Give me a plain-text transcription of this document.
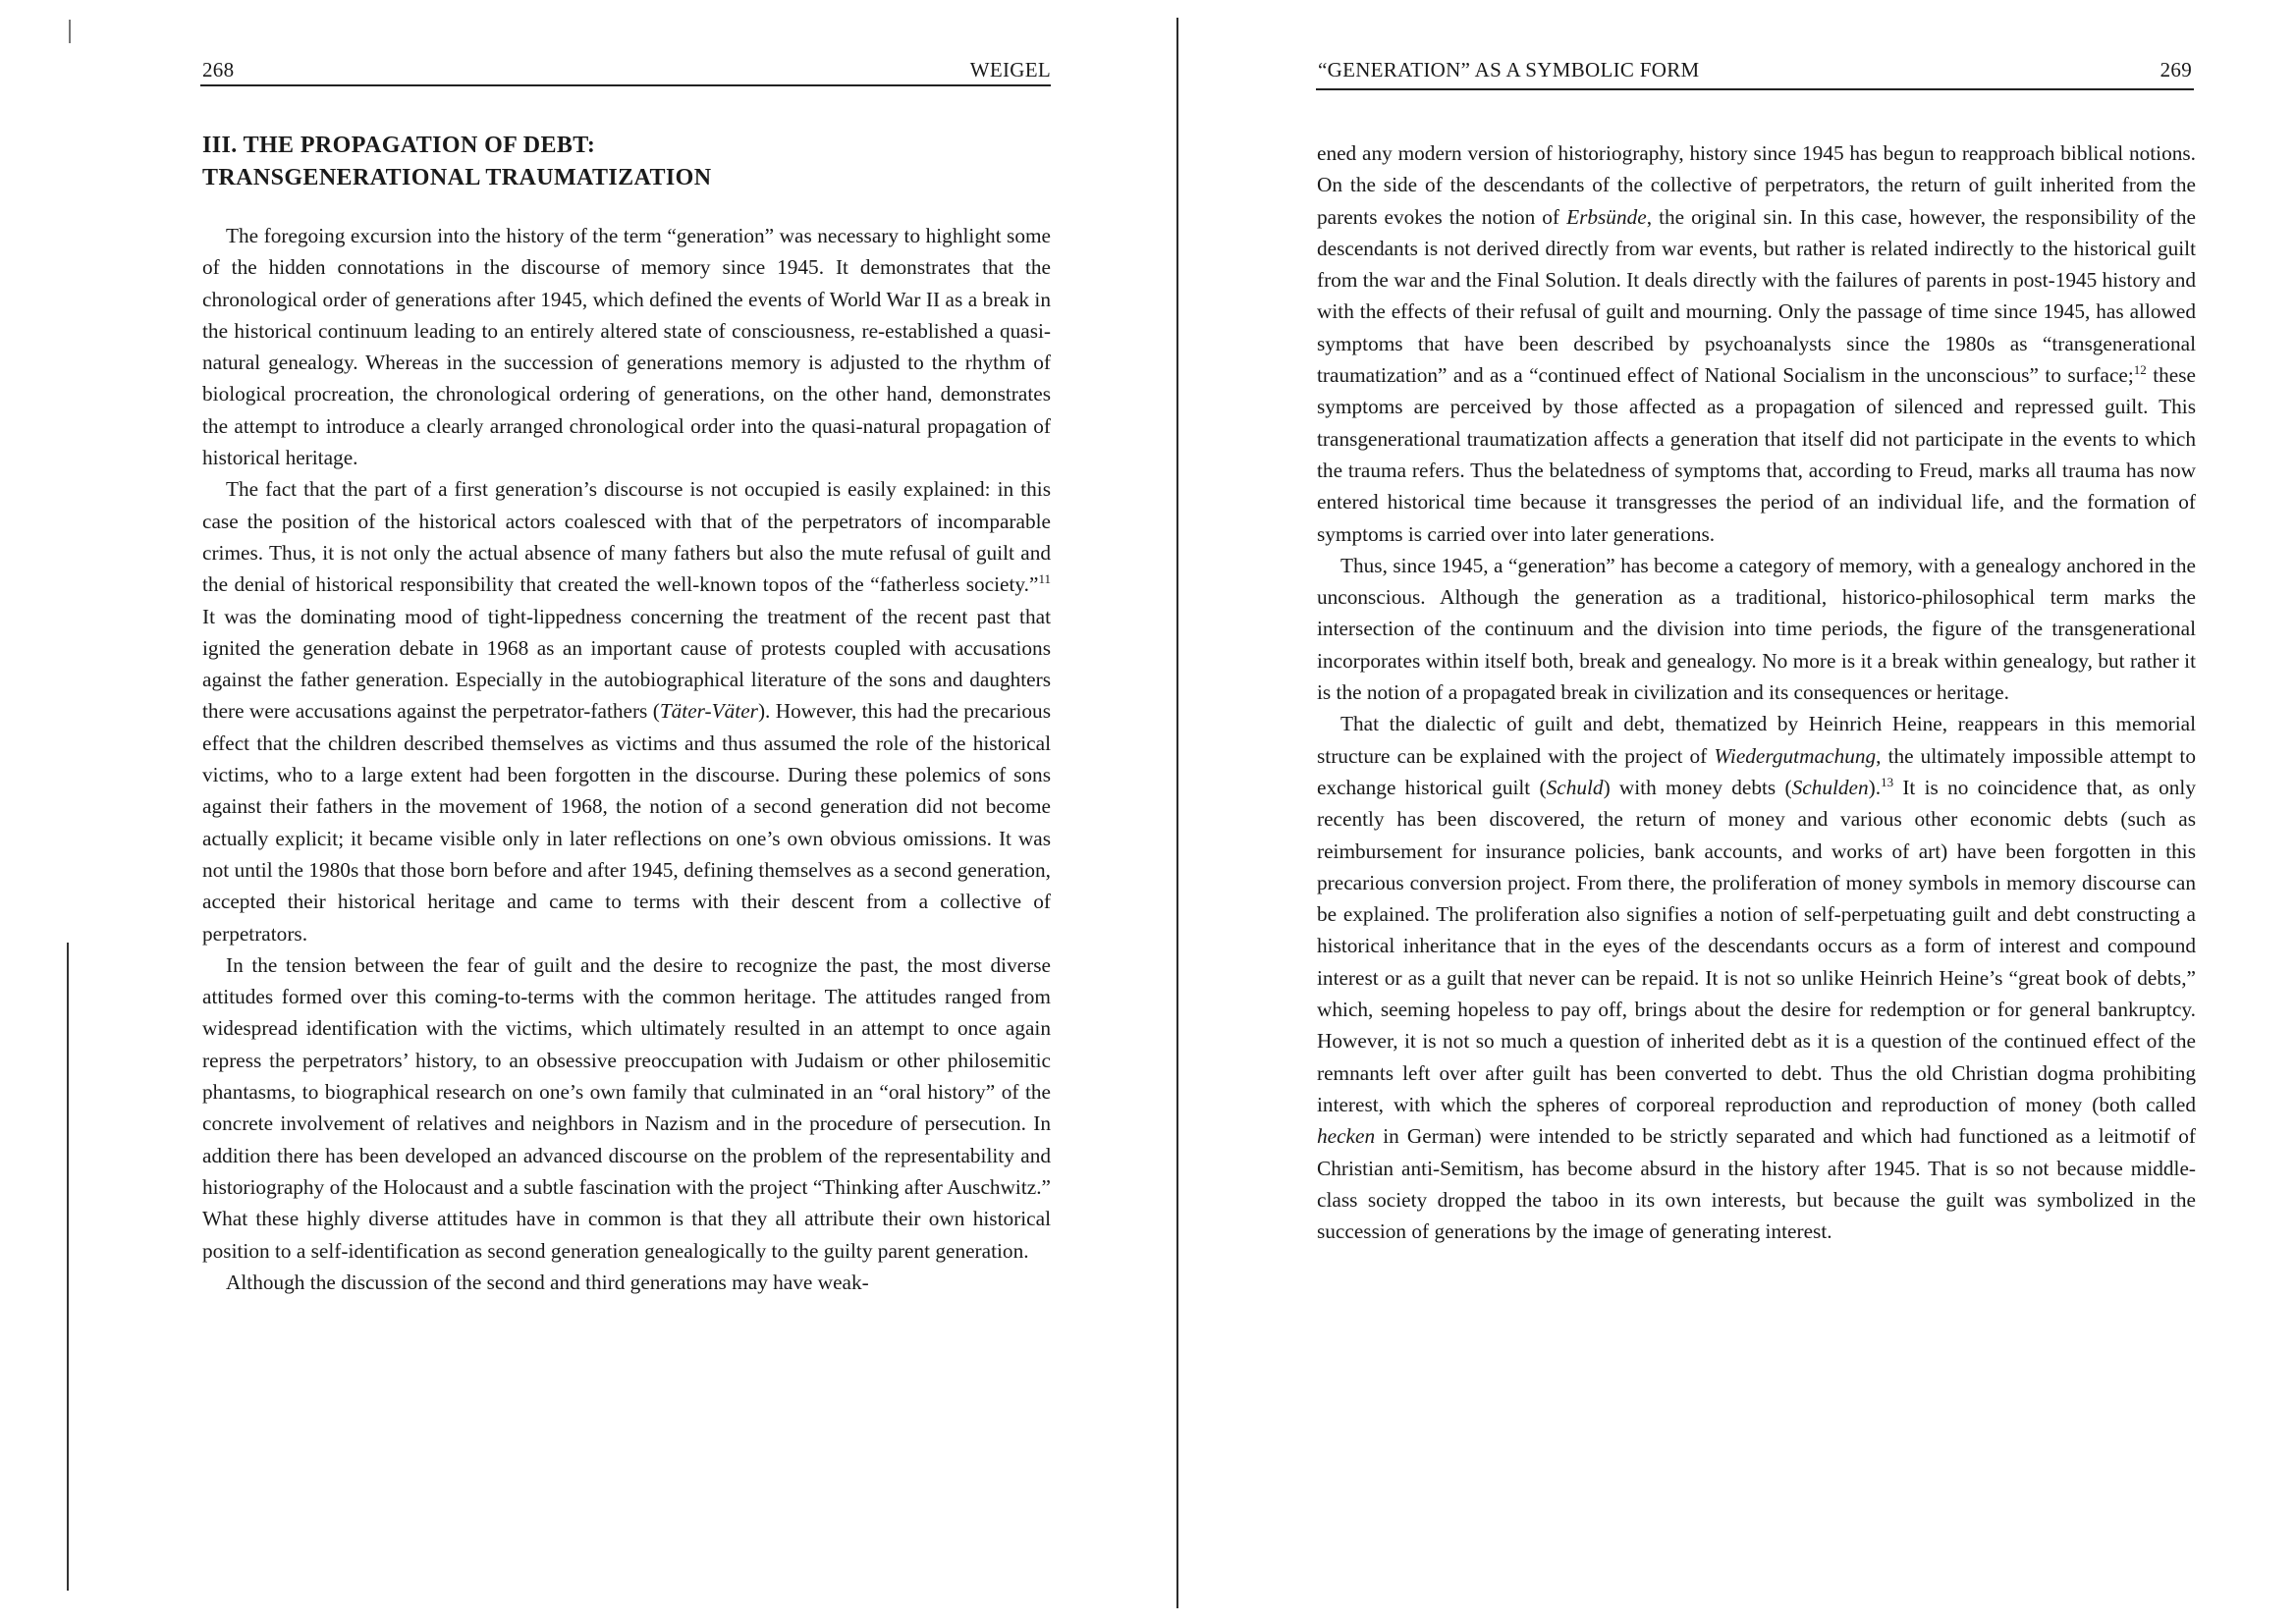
268	WEIGEL
III. THE PROPAGATION OF DEBT:
TRANSGENERATIONAL TRAUMATIZATION

The foregoing excursion into the history of the term “generation” was necessary to highlight some of the hidden connotations in the discourse of memory since 1945. It demonstrates that the chronological order of generations after 1945, which defined the events of World War II as a break in the historical continuum leading to an entirely altered state of consciousness, re-established a quasi-natural genealogy. Whereas in the succession of generations memory is adjusted to the rhythm of biological procreation, the chronological ordering of generations, on the other hand, demonstrates the attempt to introduce a clearly arranged chronological order into the quasi-natural propagation of historical heritage.

The fact that the part of a first generation’s discourse is not occupied is easily explained: in this case the position of the historical actors coalesced with that of the perpetrators of incomparable crimes. Thus, it is not only the actual absence of many fathers but also the mute refusal of guilt and the denial of historical responsibility that created the well-known topos of the “fatherless society.”$^{11}$ It was the dominating mood of tight-lippedness concerning the treatment of the recent past that ignited the generation debate in 1968 as an important cause of protests coupled with accusations against the father generation. Especially in the autobiographical literature of the sons and daughters there were accusations against the perpetrator-fathers (Täter-Väter). However, this had the precarious effect that the children described themselves as victims and thus assumed the role of the historical victims, who to a large extent had been forgotten in the discourse. During these polemics of sons against their fathers in the movement of 1968, the notion of a second generation did not become actually explicit; it became visible only in later reflections on one’s own obvious omissions. It was not until the 1980s that those born before and after 1945, defining themselves as a second generation, accepted their historical heritage and came to terms with their descent from a collective of perpetrators.

In the tension between the fear of guilt and the desire to recognize the past, the most diverse attitudes formed over this coming-to-terms with the common heritage. The attitudes ranged from widespread identification with the victims, which ultimately resulted in an attempt to once again repress the perpetrators’ history, to an obsessive preoccupation with Judaism or other philosemitic phantasms, to biographical research on one’s own family that culminated in an “oral history” of the concrete involvement of relatives and neighbors in Nazism and in the procedure of persecution. In addition there has been developed an advanced discourse on the problem of the representability and historiography of the Holocaust and a subtle fascination with the project “Thinking after Auschwitz.” What these highly diverse attitudes have in common is that they all attribute their own historical position to a self-identification as second generation genealogically to the guilty parent generation.

Although the discussion of the second and third generations may have weak-

“GENERATION” AS A SYMBOLIC FORM	269

ened any modern version of historiography, history since 1945 has begun to reapproach biblical notions. On the side of the descendants of the collective of perpetrators, the return of guilt inherited from the parents evokes the notion of Erbsünde, the original sin. In this case, however, the responsibility of the descendants is not derived directly from war events, but rather is related indirectly to the historical guilt from the war and the Final Solution. It deals directly with the failures of parents in post-1945 history and with the effects of their refusal of guilt and mourning. Only the passage of time since 1945, has allowed symptoms that have been described by psychoanalysts since the 1980s as “transgenerational traumatization” and as a “continued effect of National Socialism in the unconscious” to surface;$^{12}$ these symptoms are perceived by those affected as a propagation of silenced and repressed guilt. This transgenerational traumatization affects a generation that itself did not participate in the events to which the trauma refers. Thus the belatedness of symptoms that, according to Freud, marks all trauma has now entered historical time because it transgresses the period of an individual life, and the formation of symptoms is carried over into later generations.

Thus, since 1945, a “generation” has become a category of memory, with a genealogy anchored in the unconscious. Although the generation as a traditional, historico-philosophical term marks the intersection of the continuum and the division into time periods, the figure of the transgenerational incorporates within itself both, break and genealogy. No more is it a break within genealogy, but rather it is the notion of a propagated break in civilization and its consequences or heritage.

That the dialectic of guilt and debt, thematized by Heinrich Heine, reappears in this memorial structure can be explained with the project of Wiedergutmachung, the ultimately impossible attempt to exchange historical guilt (Schuld) with money debts (Schulden).$^{13}$ It is no coincidence that, as only recently has been discovered, the return of money and various other economic debts (such as reimbursement for insurance policies, bank accounts, and works of art) have been forgotten in this precarious conversion project. From there, the proliferation of money symbols in memory discourse can be explained. The proliferation also signifies a notion of self-perpetuating guilt and debt constructing a historical inheritance that in the eyes of the descendants occurs as a form of interest and compound interest or as a guilt that never can be repaid. It is not so unlike Heinrich Heine’s “great book of debts,” which, seeming hopeless to pay off, brings about the desire for redemption or for general bankruptcy. However, it is not so much a question of inherited debt as it is a question of the continued effect of the remnants left over after guilt has been converted to debt. Thus the old Christian dogma prohibiting interest, with which the spheres of corporeal reproduction and reproduction of money (both called hecken in German) were intended to be strictly separated and which had functioned as a leitmotif of Christian anti-Semitism, has become absurd in the history after 1945. That is so not because middle-class society dropped the taboo in its own interests, but because the guilt was symbolized in the succession of generations by the image of generating interest.
